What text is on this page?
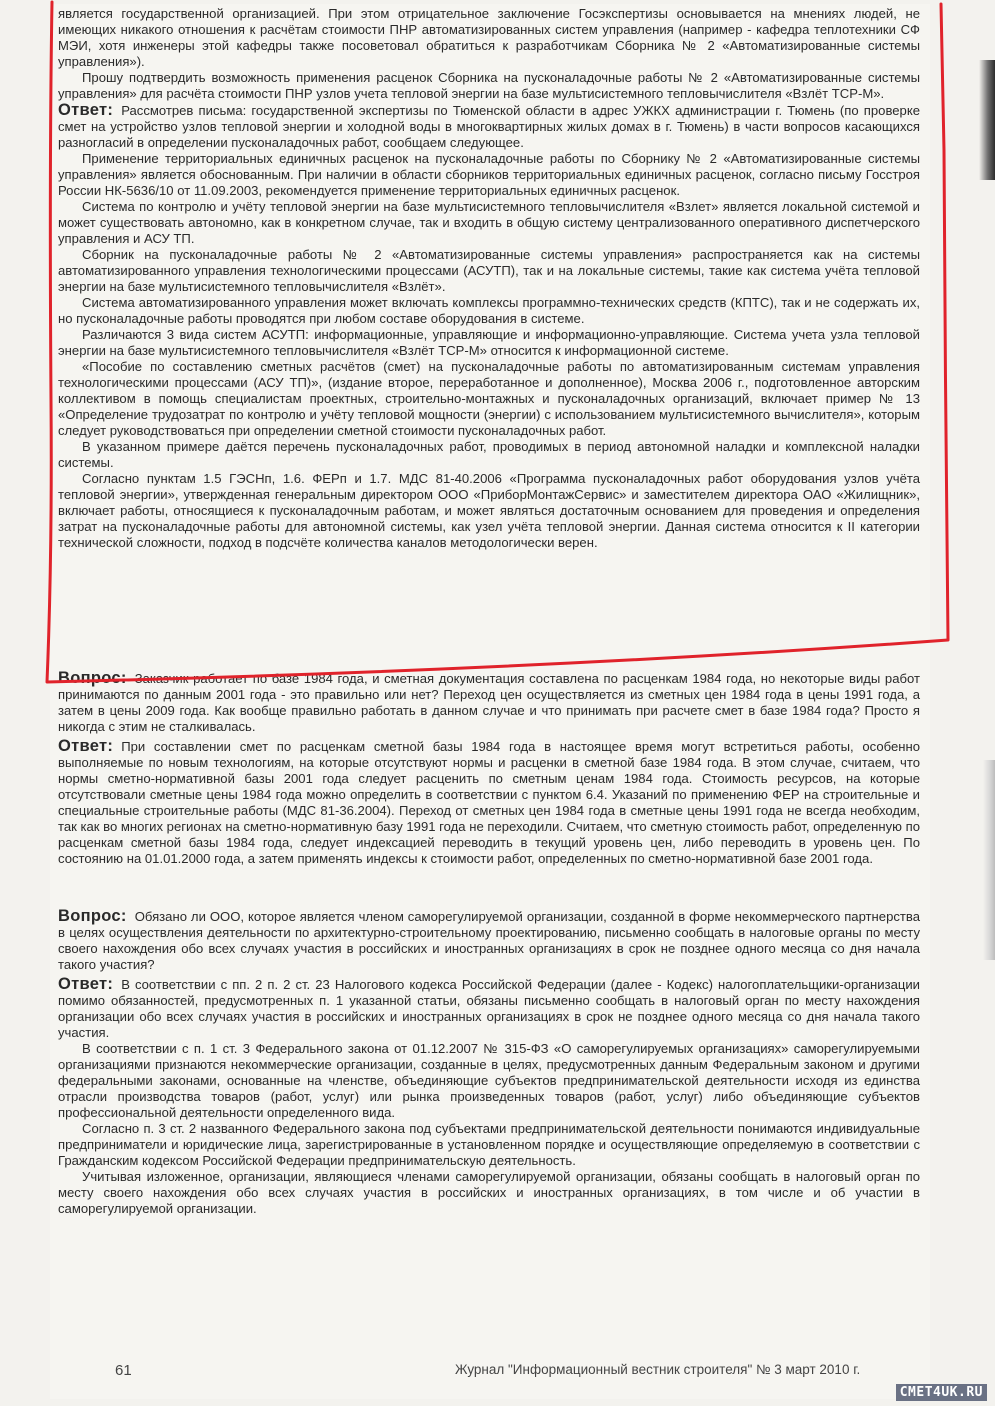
является государственной организацией. При этом отрицательное заключение Госэкспертизы основывается на мнениях людей, не имеющих никакого отношения к расчётам стоимости ПНР автоматизированных систем управления (например - кафедра теплотехники СФ МЭИ, хотя инженеры этой кафедры также посоветовал обратиться к разработчикам Сборника № 2 «Автоматизированные системы управления»).

Прошу подтвердить возможность применения расценок Сборника на пусконаладочные работы № 2 «Автоматизированные системы управления» для расчёта стоимости ПНР узлов учета тепловой энергии на базе мультисистемного тепловычислителя «Взлёт ТСР-М».

Ответ: Рассмотрев письма: государственной экспертизы по Тюменской области в адрес УЖКХ администрации г. Тюмень (по проверке смет на устройство узлов тепловой энергии и холодной воды в многоквартирных жилых домах в г. Тюмень) в части вопросов касающихся разногласий в определении пусконаладочных работ, сообщаем следующее.

Применение территориальных единичных расценок на пусконаладочные работы по Сборнику № 2 «Автоматизированные системы управления» является обоснованным. При наличии в области сборников территориальных единичных расценок, согласно письму Госстроя России НК-5636/10 от 11.09.2003, рекомендуется применение территориальных единичных расценок.

Система по контролю и учёту тепловой энергии на базе мультисистемного тепловычислителя «Взлет» является локальной системой и может существовать автономно, как в конкретном случае, так и входить в общую систему централизованного оперативного диспетчерского управления и АСУ ТП.

Сборник на пусконаладочные работы № 2 «Автоматизированные системы управления» распространяется как на системы автоматизированного управления технологическими процессами (АСУТП), так и на локальные системы, такие как система учёта тепловой энергии на базе мультисистемного тепловычислителя «Взлёт».

Система автоматизированного управления может включать комплексы программно-технических средств (КПТС), так и не содержать их, но пусконаладочные работы проводятся при любом составе оборудования в системе.

Различаются 3 вида систем АСУТП: информационные, управляющие и информационно-управляющие. Система учета узла тепловой энергии на базе мультисистемного тепловычислителя «Взлёт ТСР-М» относится к информационной системе.

«Пособие по составлению сметных расчётов (смет) на пусконаладочные работы по автоматизированным системам управления технологическими процессами (АСУ ТП)», (издание второе, переработанное и дополненное), Москва 2006 г., подготовленное авторским коллективом в помощь специалистам проектных, строительно-монтажных и пусконаладочных организаций, включает пример № 13 «Определение трудозатрат по контролю и учёту тепловой мощности (энергии) с использованием мультисистемного вычислителя», которым следует руководствоваться при определении сметной стоимости пусконаладочных работ.

В указанном примере даётся перечень пусконаладочных работ, проводимых в период автономной наладки и комплексной наладки системы.

Согласно пунктам 1.5 ГЭСНп, 1.6. ФЕРп и 1.7. МДС 81-40.2006 «Программа пусконаладочных работ оборудования узлов учёта тепловой энергии», утвержденная генеральным директором ООО «ПриборМонтажСервис» и заместителем директора ОАО «Жилищник», включает работы, относящиеся к пусконаладочным работам, и может являться достаточным основанием для проведения и определения затрат на пусконаладочные работы для автономной системы, как узел учёта тепловой энергии. Данная система относится к II категории технической сложности, подход в подсчёте количества каналов методологически верен.

Вопрос: Заказчик работает по базе 1984 года, и сметная документация составлена по расценкам 1984 года, но некоторые виды работ принимаются по данным 2001 года - это правильно или нет? Переход цен осуществляется из сметных цен 1984 года в цены 1991 года, а затем в цены 2009 года. Как вообще правильно работать в данном случае и что принимать при расчете смет в базе 1984 года? Просто я никогда с этим не сталкивалась.

Ответ: При составлении смет по расценкам сметной базы 1984 года в настоящее время могут встретиться работы, особенно выполняемые по новым технологиям, на которые отсутствуют нормы и расценки в сметной базе 1984 года. В этом случае, считаем, что нормы сметно-нормативной базы 2001 года следует расценить по сметным ценам 1984 года. Стоимость ресурсов, на которые отсутствовали сметные цены 1984 года можно определить в соответствии с пунктом 6.4. Указаний по применению ФЕР на строительные и специальные строительные работы (МДС 81-36.2004). Переход от сметных цен 1984 года в сметные цены 1991 года не всегда необходим, так как во многих регионах на сметно-нормативную базу 1991 года не переходили. Считаем, что сметную стоимость работ, определенную по расценкам сметной базы 1984 года, следует индексацией переводить в текущий уровень цен, либо переводить в уровень цен. По состоянию на 01.01.2000 года, а затем применять индексы к стоимости работ, определенных по сметно-нормативной базе 2001 года.

Вопрос: Обязано ли ООО, которое является членом саморегулируемой организации, созданной в форме некоммерческого партнерства в целях осуществления деятельности по архитектурно-строительному проектированию, письменно сообщать в налоговые органы по месту своего нахождения обо всех случаях участия в российских и иностранных организациях в срок не позднее одного месяца со дня начала такого участия?

Ответ: В соответствии с пп. 2 п. 2 ст. 23 Налогового кодекса Российской Федерации (далее - Кодекс) налогоплательщики-организации помимо обязанностей, предусмотренных п. 1 указанной статьи, обязаны письменно сообщать в налоговый орган по месту нахождения организации обо всех случаях участия в российских и иностранных организациях в срок не позднее одного месяца со дня начала такого участия.

В соответствии с п. 1 ст. 3 Федерального закона от 01.12.2007 № 315-ФЗ «О саморегулируемых организациях» саморегулируемыми организациями признаются некоммерческие организации, созданные в целях, предусмотренных данным Федеральным законом и другими федеральными законами, основанные на членстве, объединяющие субъектов предпринимательской деятельности исходя из единства отрасли производства товаров (работ, услуг) или рынка произведенных товаров (работ, услуг) либо объединяющие субъектов профессиональной деятельности определенного вида.

Согласно п. 3 ст. 2 названного Федерального закона под субъектами предпринимательской деятельности понимаются индивидуальные предприниматели и юридические лица, зарегистрированные в установленном порядке и осуществляющие определяемую в соответствии с Гражданским кодексом Российской Федерации предпринимательскую деятельность.

Учитывая изложенное, организации, являющиеся членами саморегулируемой организации, обязаны сообщать в налоговый орган по месту своего нахождения обо всех случаях участия в российских и иностранных организациях, в том числе и об участии в саморегулируемой организации.

61	Журнал "Информационный вестник строителя" № 3 март 2010 г.
CMET4UK.RU
